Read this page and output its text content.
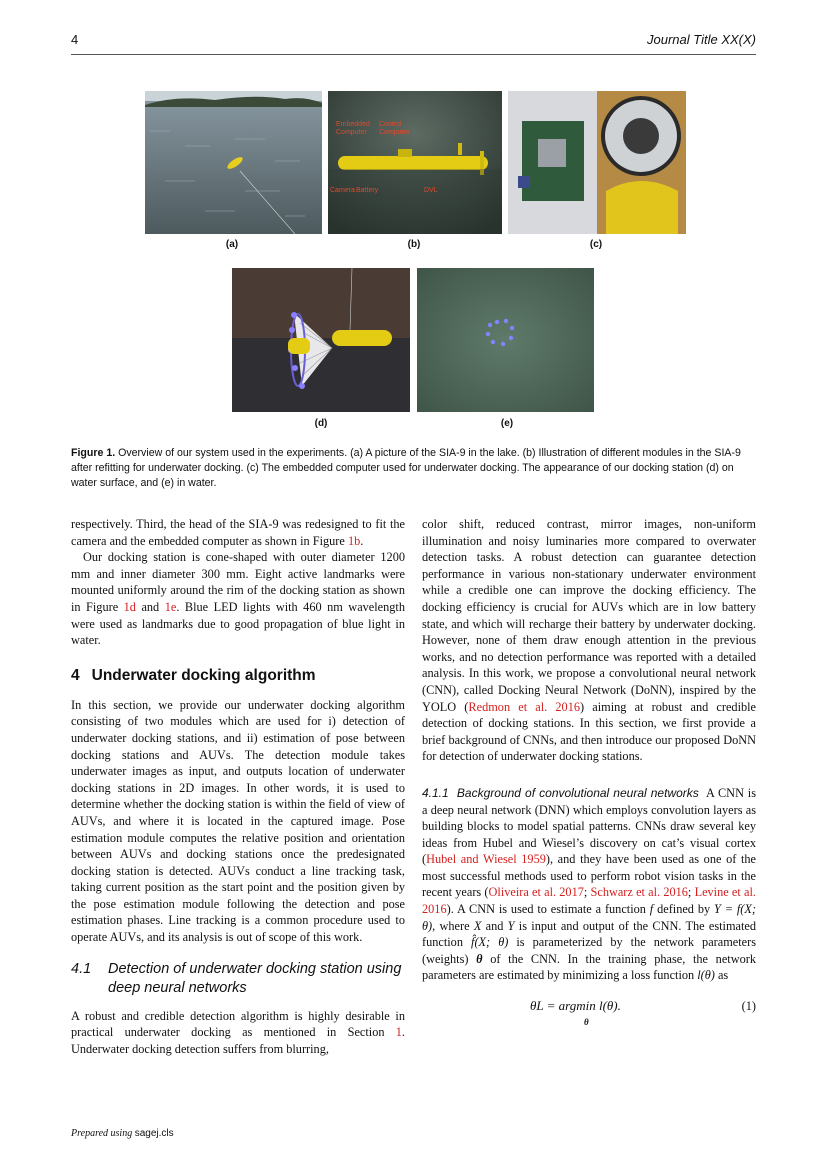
4	Journal Title XX(X)
(a)
Embedded Computer
Control Computer
Camera Battery	DVL
(b)	(c)
(d)	(e)
Figure 1. Overview of our system used in the experiments. (a) A picture of the SIA-9 in the lake. (b) Illustration of different modules in the SIA-9 after refitting for underwater docking. (c) The embedded computer used for underwater docking. The appearance of our docking station (d) on water surface, and (e) in water.

respectively. Third, the head of the SIA-9 was redesigned to fit the camera and the embedded computer as shown in Figure 1b.

Our docking station is cone-shaped with outer diameter 1200 mm and inner diameter 300 mm. Eight active landmarks were mounted uniformly around the rim of the docking station as shown in Figure 1d and 1e. Blue LED lights with 460 nm wavelength were used as landmarks due to good propagation of blue light in water.

4 Underwater docking algorithm

In this section, we provide our underwater docking algorithm consisting of two modules which are used for i) detection of underwater docking stations, and ii) estimation of pose between docking stations and AUVs. The detection module takes underwater images as input, and outputs location of underwater docking stations in 2D images. In other words, it is used to determine whether the docking station is within the field of view of AUVs, and where it is located in the captured image. Pose estimation module computes the relative position and orientation between AUVs and docking stations once the predesignated docking station is detected. AUVs conduct a line tracking task, taking current position as the start point and the position given by the pose estimation module following the detection and pose estimation phases. Line tracking is a common procedure used to operate AUVs, and its analysis is out of scope of this work.

4.1 Detection of underwater docking station using deep neural networks

A robust and credible detection algorithm is highly desirable in practical underwater docking as mentioned in Section 1. Underwater docking detection suffers from blurring,

color shift, reduced contrast, mirror images, non-uniform illumination and noisy luminaries more compared to overwater detection tasks. A robust detection can guarantee detection performance in various non-stationary underwater environment while a credible one can improve the docking efficiency. The docking efficiency is crucial for AUVs which are in low battery state, and which will recharge their battery by underwater docking. However, none of them draw enough attention in the previous works, and no detection performance was reported with a detailed analysis. In this work, we propose a convolutional neural network (CNN), called Docking Neural Network (DoNN), inspired by the YOLO (Redmon et al. 2016) aiming at robust and credible detection of docking stations. In this section, we first provide a brief background of CNNs, and then introduce our proposed DoNN for detection of underwater docking stations.

4.1.1 Background of convolutional neural networks A CNN is a deep neural network (DNN) which employs convolution layers as building blocks to model spatial patterns. CNNs draw several key ideas from Hubel and Wiesel’s discovery on cat’s visual cortex (Hubel and Wiesel 1959), and they have been used as one of the most successful methods used to perform robot vision tasks in the recent years (Oliveira et al. 2017; Schwarz et al. 2016; Levine et al. 2016). A CNN is used to estimate a function f defined by Y = f(X; θ), where X and Y is input and output of the CNN. The estimated function f̂(X; θ) is parameterized by the network parameters (weights) θ of the CNN. In the training phase, the network parameters are estimated by minimizing a loss function l(θ) as

θL = argmin l(θ).
θ
(1)
Prepared using sagej.cls
